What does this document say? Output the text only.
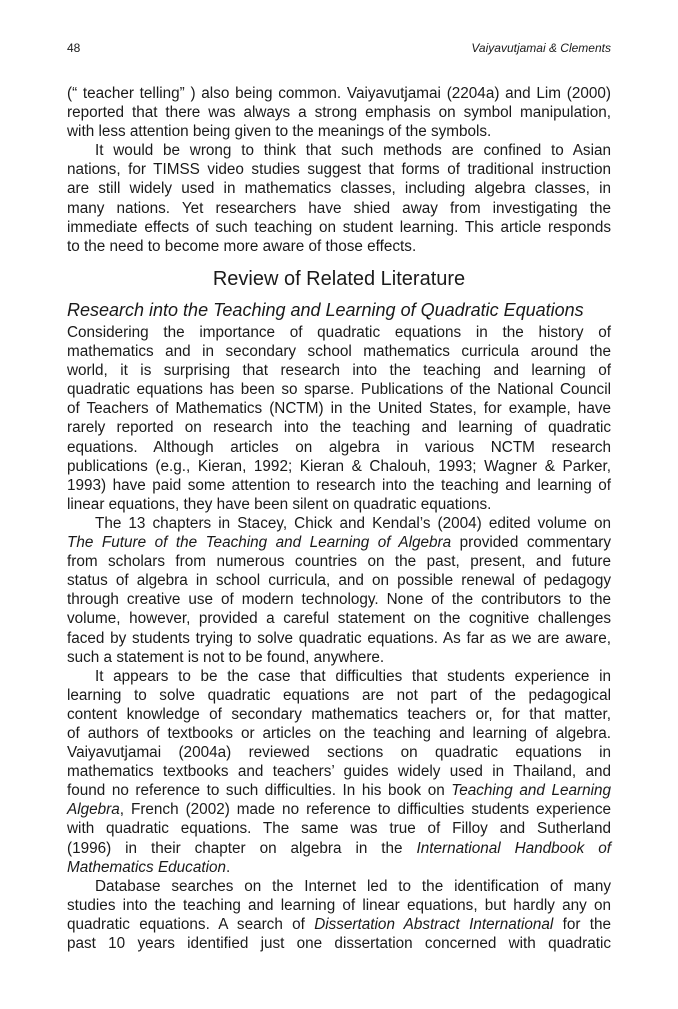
48	Vaiyavutjamai & Clements
(“ teacher telling” ) also being common. Vaiyavutjamai (2204a) and Lim (2000)
reported that there was always a strong emphasis on symbol manipulation,
with less attention being given to the meanings of the symbols.
It would be wrong to think that such methods are confined to Asian
nations, for TIMSS video studies suggest that forms of traditional instruction
are still widely used in mathematics classes, including algebra classes, in
many nations. Yet researchers have shied away from investigating the
immediate effects of such teaching on student learning. This article responds
to the need to become more aware of those effects.
Review of Related Literature
Research into the Teaching and Learning of Quadratic Equations
Considering the importance of quadratic equations in the history of
mathematics and in secondary school mathematics curricula around the
world, it is surprising that research into the teaching and learning of
quadratic equations has been so sparse. Publications of the National Council
of Teachers of Mathematics (NCTM) in the United States, for example, have
rarely reported on research into the teaching and learning of quadratic
equations. Although articles on algebra in various NCTM research
publications (e.g., Kieran, 1992; Kieran & Chalouh, 1993; Wagner & Parker,
1993) have paid some attention to research into the teaching and learning of
linear equations, they have been silent on quadratic equations.
The 13 chapters in Stacey, Chick and Kendal’s (2004) edited volume on
The Future of the Teaching and Learning of Algebra provided commentary
from scholars from numerous countries on the past, present, and future
status of algebra in school curricula, and on possible renewal of pedagogy
through creative use of modern technology. None of the contributors to the
volume, however, provided a careful statement on the cognitive challenges
faced by students trying to solve quadratic equations. As far as we are aware,
such a statement is not to be found, anywhere.
It appears to be the case that difficulties that students experience in
learning to solve quadratic equations are not part of the pedagogical
content knowledge of secondary mathematics teachers or, for that matter,
of authors of textbooks or articles on the teaching and learning of algebra.
Vaiyavutjamai (2004a) reviewed sections on quadratic equations in
mathematics textbooks and teachers’ guides widely used in Thailand, and
found no reference to such difficulties. In his book on Teaching and Learning
Algebra, French (2002) made no reference to difficulties students experience
with quadratic equations. The same was true of Filloy and Sutherland
(1996) in their chapter on algebra in the International Handbook of
Mathematics Education.
Database searches on the Internet led to the identification of many
studies into the teaching and learning of linear equations, but hardly any on
quadratic equations. A search of Dissertation Abstract International for the
past 10 years identified just one dissertation concerned with quadratic
